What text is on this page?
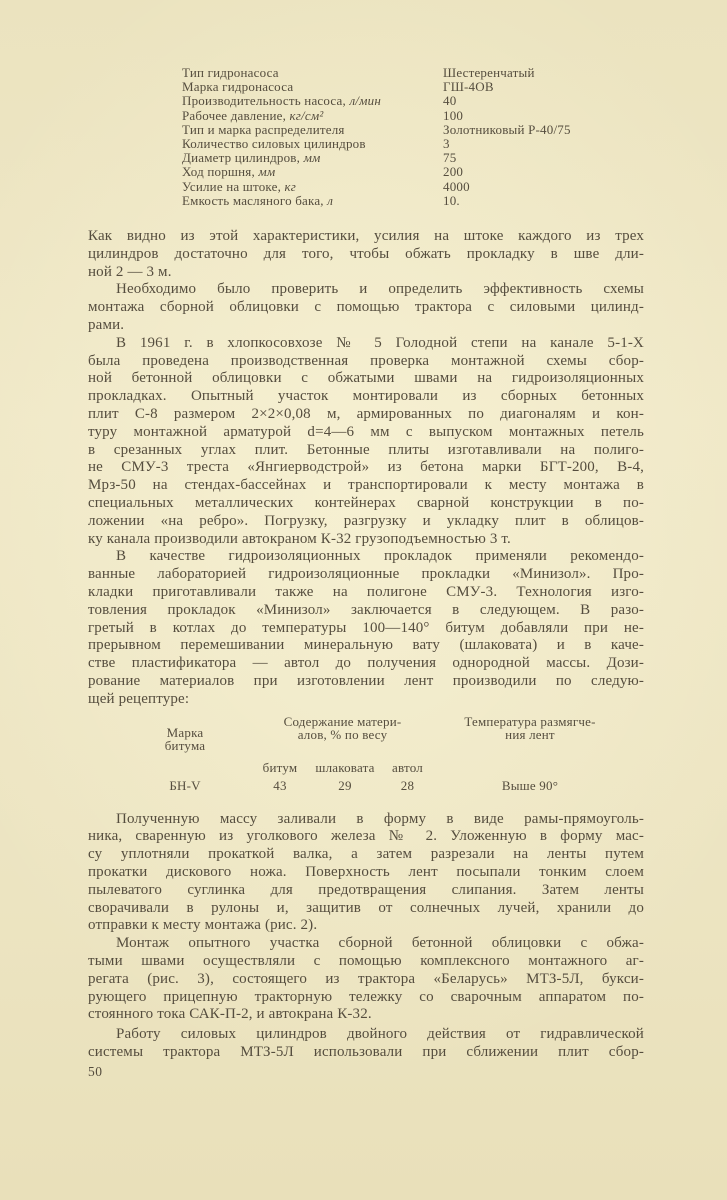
Тип гидронасоса	Шестеренчатый
Марка гидронасоса	ГШ-4ОВ
Производительность насоса, л/мин	40
Рабочее давление, кг/см²	100
Тип и марка распределителя	Золотниковый Р-40/75
Количество силовых цилиндров	3
Диаметр цилиндров, мм	75
Ход поршня, мм	200
Усилие на штоке, кг	4000
Емкость масляного бака, л	10.
Как видно из этой характеристики, усилия на штоке каждого из трех
цилиндров достаточно для того, чтобы обжать прокладку в шве дли-
ной 2 — 3 м.
Необходимо было проверить и определить эффективность схемы
монтажа сборной облицовки с помощью трактора с силовыми цилинд-
рами.
В 1961 г. в хлопкосовхозе № 5 Голодной степи на канале 5-1-Х
была проведена производственная проверка монтажной схемы сбор-
ной бетонной облицовки с обжатыми швами на гидроизоляционных
прокладках. Опытный участок монтировали из сборных бетонных
плит С-8 размером 2×2×0,08 м, армированных по диагоналям и кон-
туру монтажной арматурой d=4—6 мм с выпуском монтажных петель
в срезанных углах плит. Бетонные плиты изготавливали на полиго-
не СМУ-3 треста «Янгиерводстрой» из бетона марки БГТ-200, В-4,
Мрз-50 на стендах-бассейнах и транспортировали к месту монтажа в
специальных металлических контейнерах сварной конструкции в по-
ложении «на ребро». Погрузку, разгрузку и укладку плит в облицов-
ку канала производили автокраном К-32 грузоподъемностью 3 т.
В качестве гидроизоляционных прокладок применяли рекомендо-
ванные лабораторией гидроизоляционные прокладки «Минизол». Про-
кладки приготавливали также на полигоне СМУ-3. Технология изго-
товления прокладок «Минизол» заключается в следующем. В разо-
гретый в котлах до температуры 100—140° битум добавляли при не-
прерывном перемешивании минеральную вату (шлаковата) и в каче-
стве пластификатора — автол до получения однородной массы. Дози-
рование материалов при изготовлении лент производили по следую-
щей рецептуре:
Марка
битума
Содержание матери-
алов, % по весу
Температура размягче-
ния лент
битум	шлаковата	автол
БН-V	43	29	28	Выше 90°
Полученную массу заливали в форму в виде рамы-прямоуголь-
ника, сваренную из уголкового железа № 2. Уложенную в форму мас-
су уплотняли прокаткой валка, а затем разрезали на ленты путем
прокатки дискового ножа. Поверхность лент посыпали тонким слоем
пылеватого суглинка для предотвращения слипания. Затем ленты
сворачивали в рулоны и, защитив от солнечных лучей, хранили до
отправки к месту монтажа (рис. 2).
Монтаж опытного участка сборной бетонной облицовки с обжа-
тыми швами осуществляли с помощью комплексного монтажного аг-
регата (рис. 3), состоящего из трактора «Беларусь» МТЗ-5Л, букси-
рующего прицепную тракторную тележку со сварочным аппаратом по-
стоянного тока САК-П-2, и автокрана К-32.
Работу силовых цилиндров двойного действия от гидравлической
системы трактора МТЗ-5Л использовали при сближении плит сбор-
50
